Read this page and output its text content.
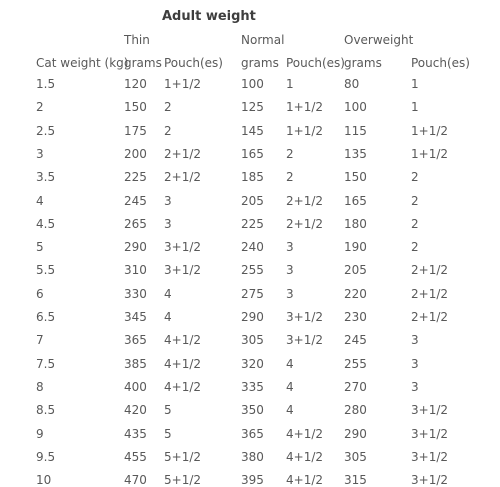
Adult weight
Thin	Normal	Overweight
Cat weight (kg)
grams Pouch(es) grams Pouch(es) grams Pouch(es)
1.5	120 1+1/2	100 1	80	1
2	150 2	125 1+1/2 100	1
2.5	175 2	145 1+1/2 115	1+1/2
3	200 2+1/2	165 2	135	1+1/2
3.5	225 2+1/2	185 2	150	2
4	245 3	205 2+1/2 165	2
4.5	265 3	225 2+1/2 180	2
5	290 3+1/2	240 3	190	2
5.5	310 3+1/2	255 3	205	2+1/2
6	330 4	275 3	220	2+1/2
6.5	345 4	290 3+1/2 230	2+1/2
7	365 4+1/2	305 3+1/2 245	3
7.5	385 4+1/2	320 4	255	3
8	400 4+1/2	335 4	270	3
8.5	420 5	350 4	280	3+1/2
9	435 5	365 4+1/2 290	3+1/2
9.5	455 5+1/2	380 4+1/2 305	3+1/2
10	470 5+1/2	395 4+1/2 315	3+1/2
